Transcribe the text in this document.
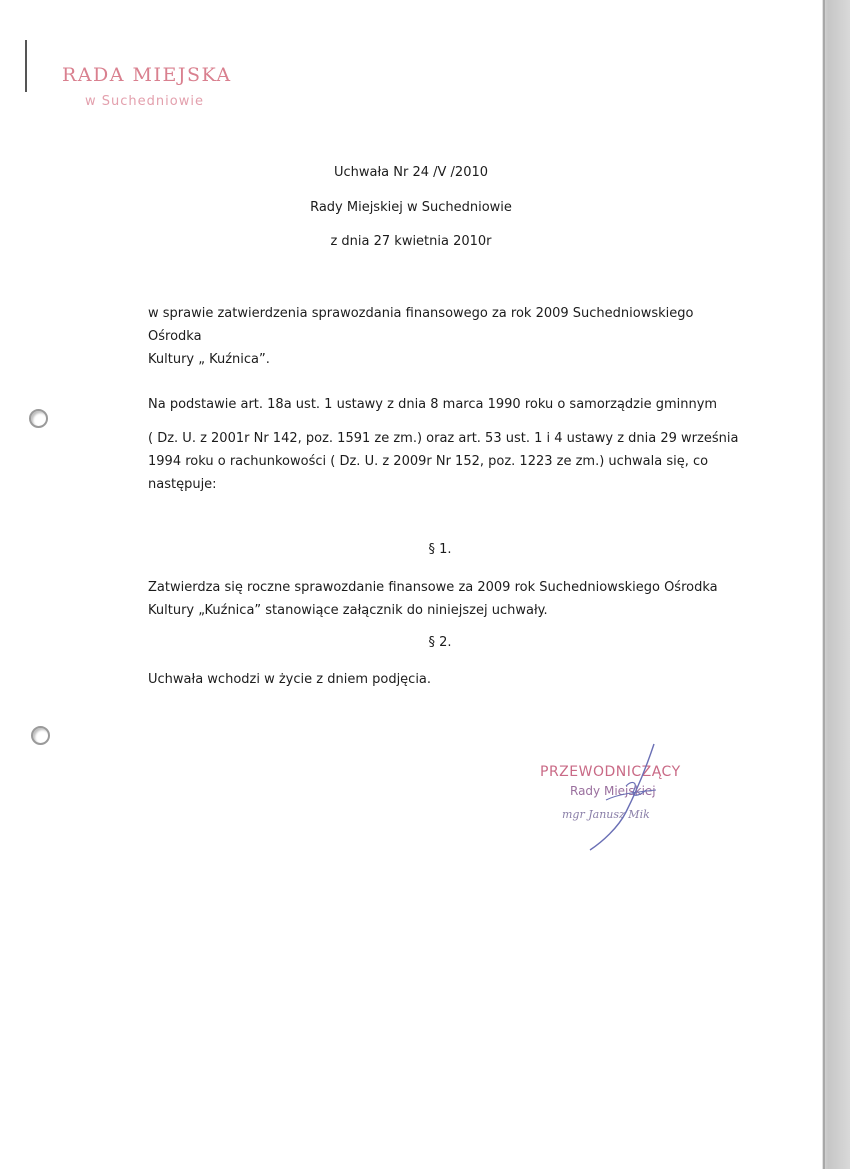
RADA MIEJSKA
w Suchedniowie
Uchwała Nr 24 /V /2010
Rady Miejskiej w Suchedniowie
z dnia 27 kwietnia 2010r
w sprawie zatwierdzenia sprawozdania finansowego za rok 2009 Suchedniowskiego Ośrodka
Kultury „ Kuźnica”.
Na podstawie art. 18a ust. 1 ustawy z dnia 8 marca 1990 roku o samorządzie gminnym
( Dz. U. z 2001r Nr 142, poz. 1591 ze zm.) oraz art. 53 ust. 1 i 4 ustawy z dnia 29 września
1994 roku o rachunkowości ( Dz. U. z 2009r Nr 152, poz. 1223 ze zm.) uchwala się, co
następuje:
§ 1.
Zatwierdza się roczne sprawozdanie finansowe za 2009 rok Suchedniowskiego Ośrodka
Kultury „Kuźnica” stanowiące załącznik do niniejszej uchwały.
§ 2.
Uchwała wchodzi w życie z dniem podjęcia.
PRZEWODNICZĄCY
Rady Miejskiej
mgr Janusz Mik
